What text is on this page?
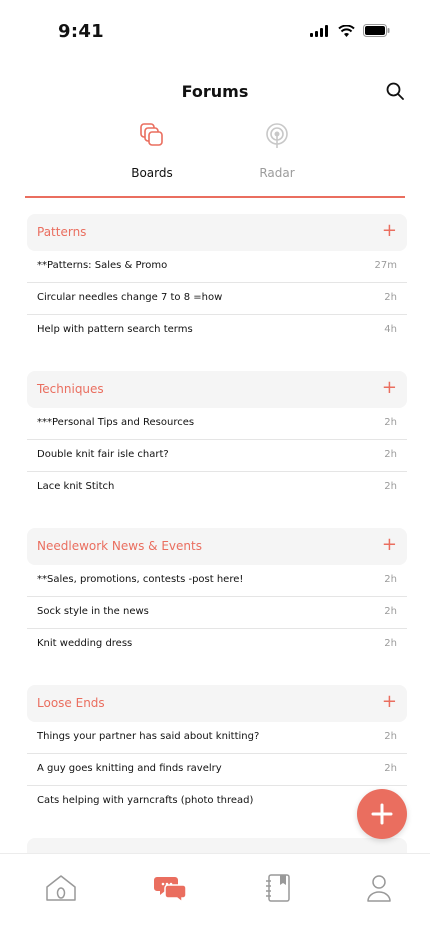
9:41
Forums
Boards	Radar
Patterns	+
**Patterns: Sales & Promo	27m
Circular needles change 7 to 8 =how	2h
Help with pattern search terms	4h
Techniques	+
***Personal Tips and Resources	2h
Double knit fair isle chart?	2h
Lace knit Stitch	2h
Needlework News & Events	+
**Sales, promotions, contests -post here!	2h
Sock style in the news	2h
Knit wedding dress	2h
Loose Ends	+
Things your partner has said about knitting?	2h
A guy goes knitting and finds ravelry	2h
Cats helping with yarncrafts (photo thread)
